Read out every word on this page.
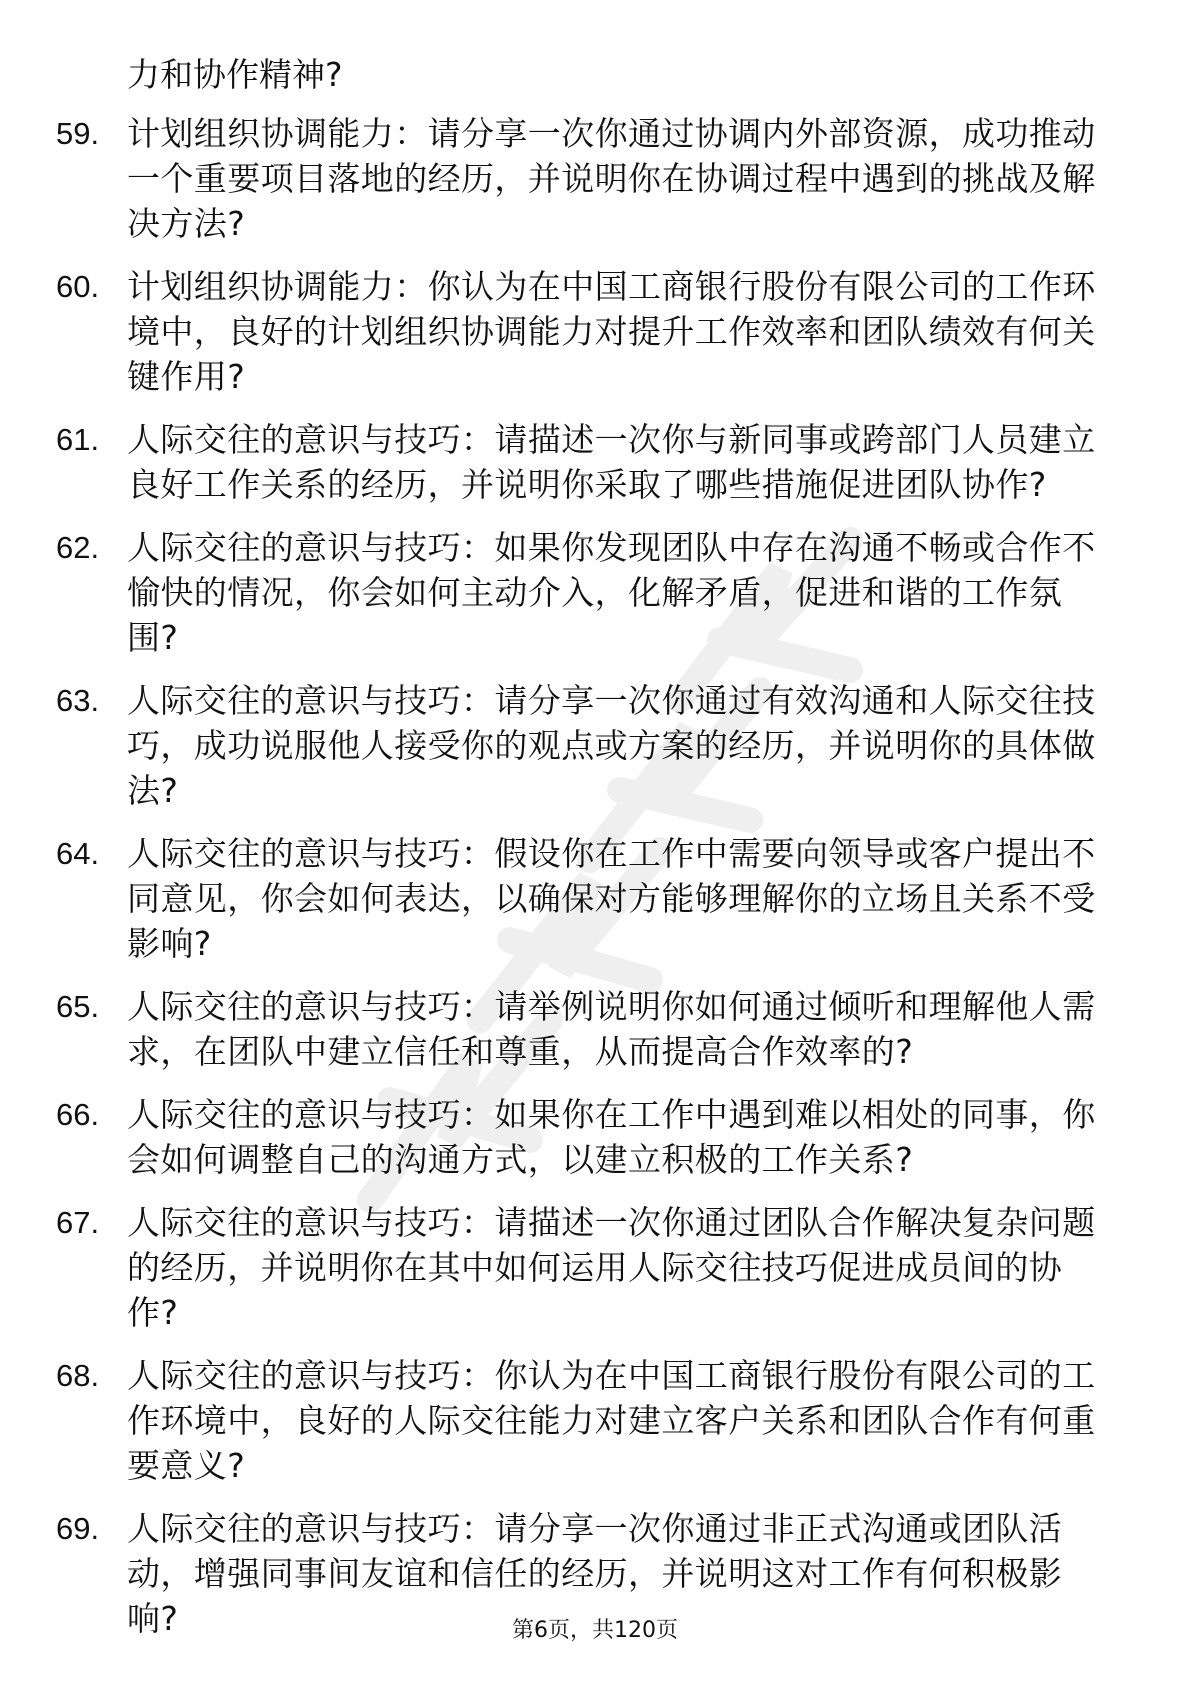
力和协作精神?
59. 计划组织协调能力：请分享一次你通过协调内外部资源，成功推动一个重要项目落地的经历，并说明你在协调过程中遇到的挑战及解决方法?
60. 计划组织协调能力：你认为在中国工商银行股份有限公司的工作环境中，良好的计划组织协调能力对提升工作效率和团队绩效有何关键作用?
61. 人际交往的意识与技巧：请描述一次你与新同事或跨部门人员建立良好工作关系的经历，并说明你采取了哪些措施促进团队协作?
62. 人际交往的意识与技巧：如果你发现团队中存在沟通不畅或合作不愉快的情况，你会如何主动介入，化解矛盾，促进和谐的工作氛围?
63. 人际交往的意识与技巧：请分享一次你通过有效沟通和人际交往技巧，成功说服他人接受你的观点或方案的经历，并说明你的具体做法?
64. 人际交往的意识与技巧：假设你在工作中需要向领导或客户提出不同意见，你会如何表达，以确保对方能够理解你的立场且关系不受影响?
65. 人际交往的意识与技巧：请举例说明你如何通过倾听和理解他人需求，在团队中建立信任和尊重，从而提高合作效率的?
66. 人际交往的意识与技巧：如果你在工作中遇到难以相处的同事，你会如何调整自己的沟通方式，以建立积极的工作关系?
67. 人际交往的意识与技巧：请描述一次你通过团队合作解决复杂问题的经历，并说明你在其中如何运用人际交往技巧促进成员间的协作?
68. 人际交往的意识与技巧：你认为在中国工商银行股份有限公司的工作环境中，良好的人际交往能力对建立客户关系和团队合作有何重要意义?
69. 人际交往的意识与技巧：请分享一次你通过非正式沟通或团队活动，增强同事间友谊和信任的经历，并说明这对工作有何积极影响?	第6页，共120页
